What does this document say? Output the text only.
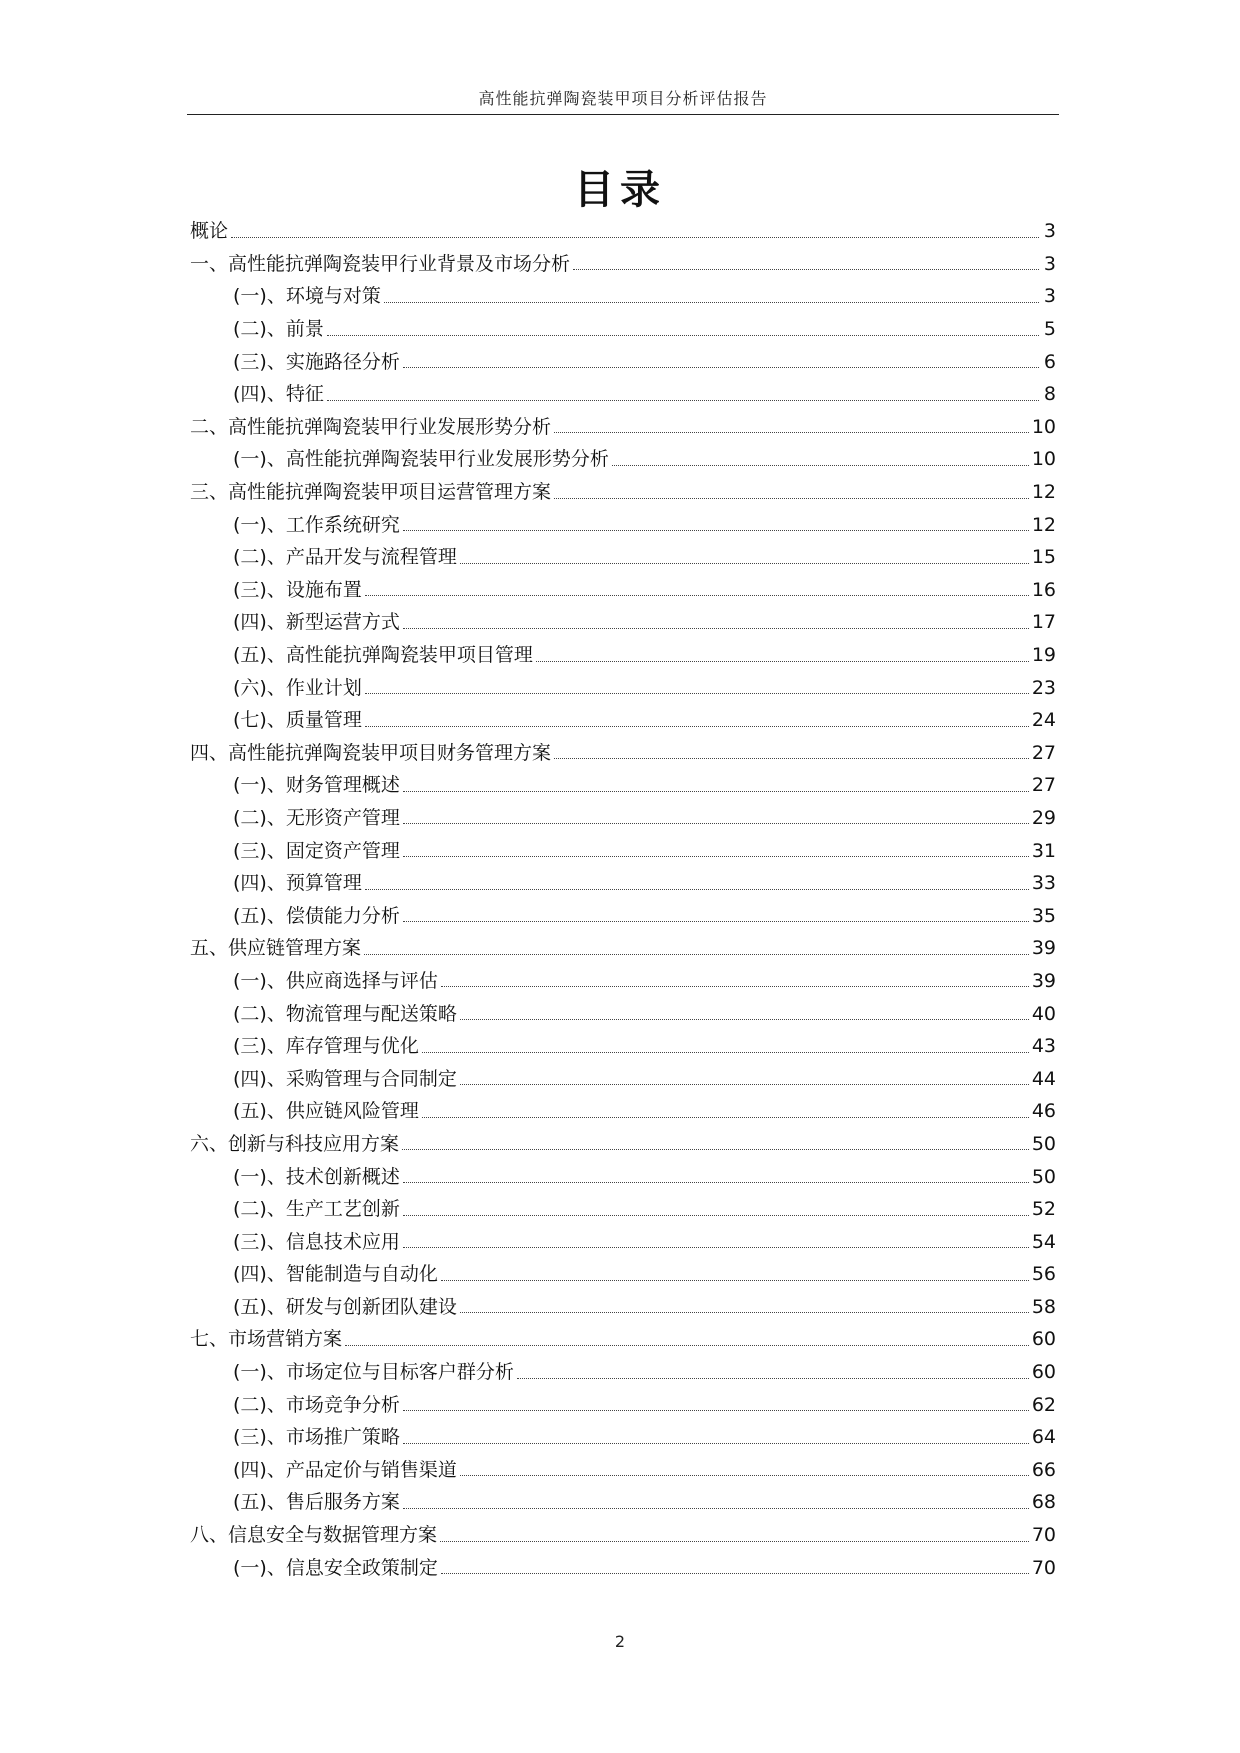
高性能抗弹陶瓷装甲项目分析评估报告
目录
概论	3
一、高性能抗弹陶瓷装甲行业背景及市场分析	3
(一)、环境与对策	3
(二)、前景	5
(三)、实施路径分析	6
(四)、特征	8
二、高性能抗弹陶瓷装甲行业发展形势分析	10
(一)、高性能抗弹陶瓷装甲行业发展形势分析	10
三、高性能抗弹陶瓷装甲项目运营管理方案	12
(一)、工作系统研究	12
(二)、产品开发与流程管理	15
(三)、设施布置	16
(四)、新型运营方式	17
(五)、高性能抗弹陶瓷装甲项目管理	19
(六)、作业计划	23
(七)、质量管理	24
四、高性能抗弹陶瓷装甲项目财务管理方案	27
(一)、财务管理概述	27
(二)、无形资产管理	29
(三)、固定资产管理	31
(四)、预算管理	33
(五)、偿债能力分析	35
五、供应链管理方案	39
(一)、供应商选择与评估	39
(二)、物流管理与配送策略	40
(三)、库存管理与优化	43
(四)、采购管理与合同制定	44
(五)、供应链风险管理	46
六、创新与科技应用方案	50
(一)、技术创新概述	50
(二)、生产工艺创新	52
(三)、信息技术应用	54
(四)、智能制造与自动化	56
(五)、研发与创新团队建设	58
七、市场营销方案	60
(一)、市场定位与目标客户群分析	60
(二)、市场竞争分析	62
(三)、市场推广策略	64
(四)、产品定价与销售渠道	66
(五)、售后服务方案	68
八、信息安全与数据管理方案	70
(一)、信息安全政策制定	70
2
